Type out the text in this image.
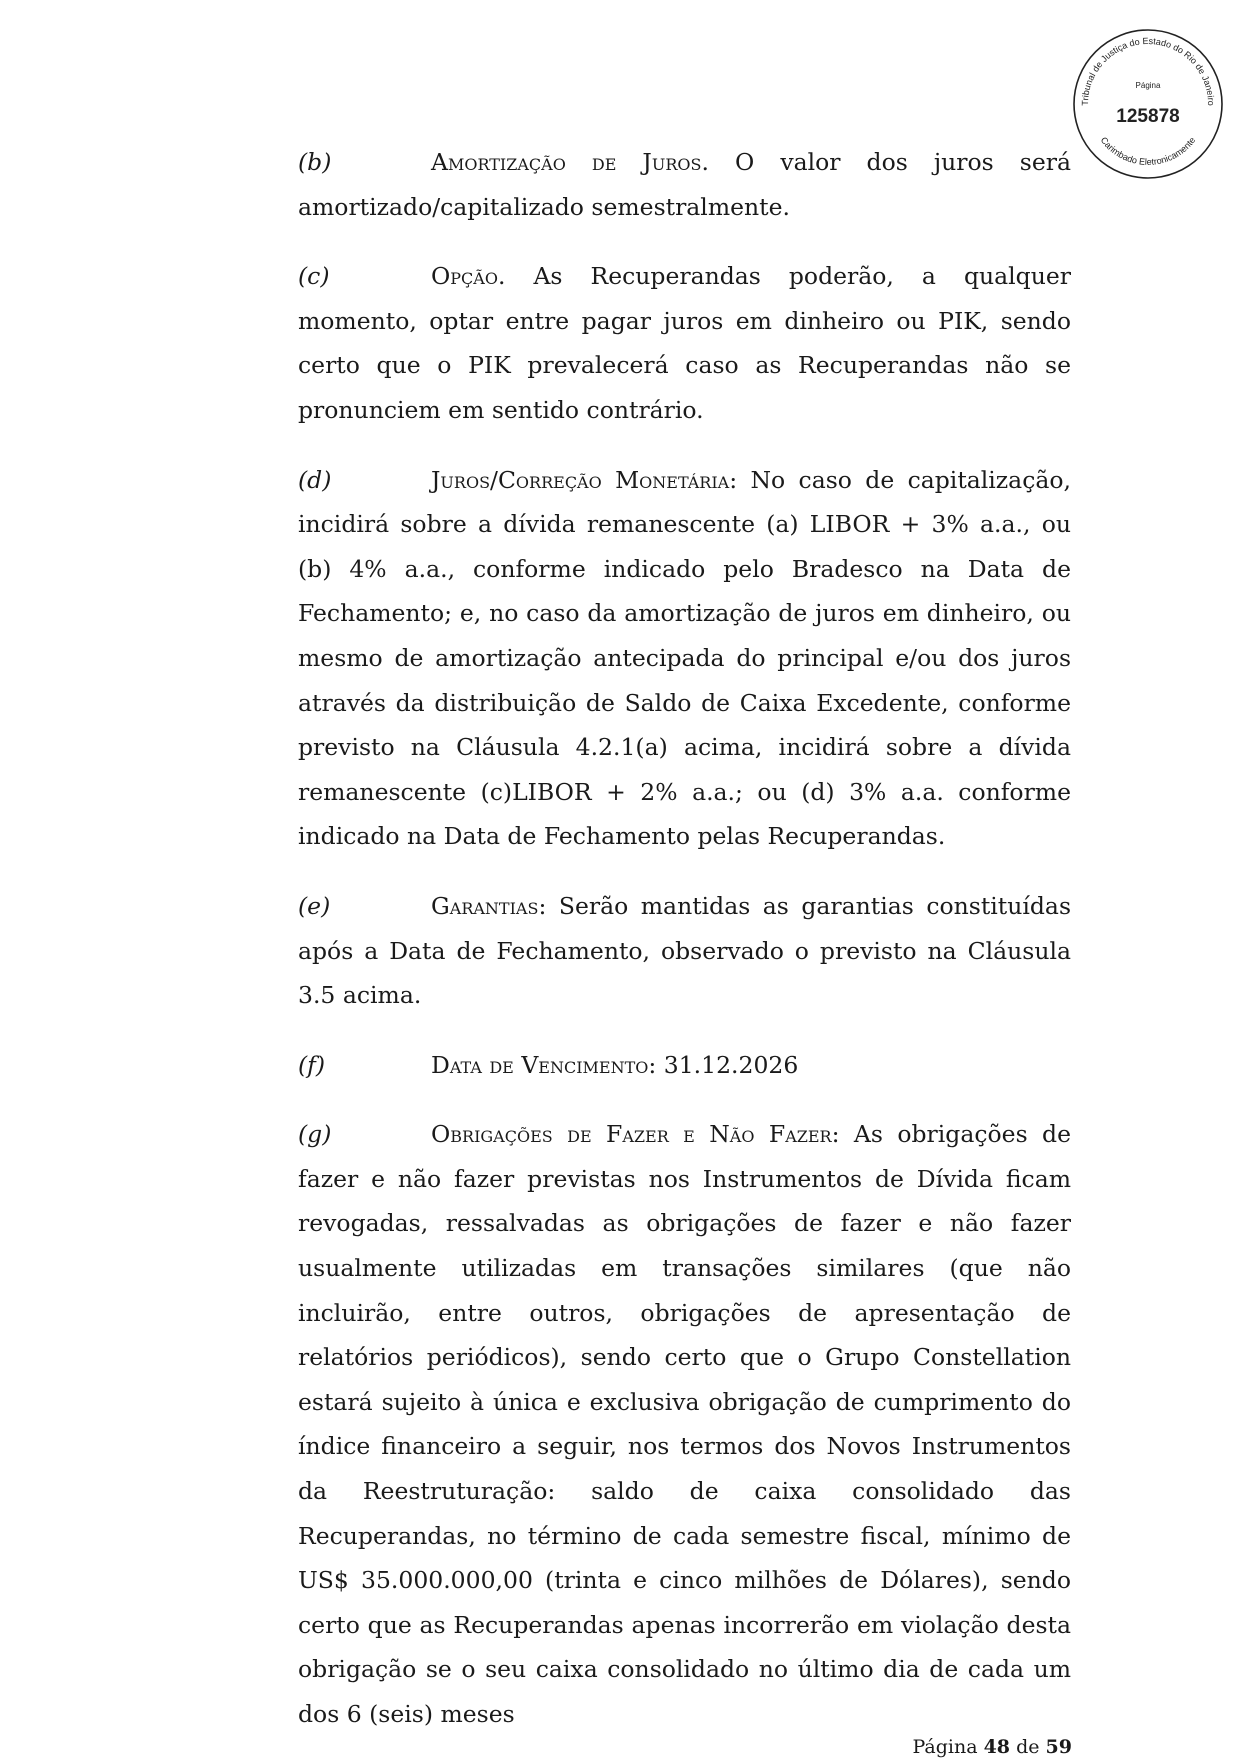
Tribunal de Justiça do Estado do Rio de Janeiro
Página
125878
Carimbado Eletronicamente

(b)	Amortização de Juros. O valor dos juros será amortizado/capitalizado semestralmente.

(c)	Opção. As Recuperandas poderão, a qualquer momento, optar entre pagar juros em dinheiro ou PIK, sendo certo que o PIK prevalecerá caso as Recuperandas não se pronunciem em sentido contrário.

(d)	Juros/Correção Monetária: No caso de capitalização, incidirá sobre a dívida remanescente (a) LIBOR + 3% a.a., ou (b) 4% a.a., conforme indicado pelo Bradesco na Data de Fechamento; e, no caso da amortização de juros em dinheiro, ou mesmo de amortização antecipada do principal e/ou dos juros através da distribuição de Saldo de Caixa Excedente, conforme previsto na Cláusula 4.2.1(a) acima, incidirá sobre a dívida remanescente (c)LIBOR + 2% a.a.; ou (d) 3% a.a. conforme indicado na Data de Fechamento pelas Recuperandas.

(e)	Garantias: Serão mantidas as garantias constituídas após a Data de Fechamento, observado o previsto na Cláusula 3.5 acima.

(f)	Data de Vencimento: 31.12.2026

(g)	Obrigações de Fazer e Não Fazer: As obrigações de fazer e não fazer previstas nos Instrumentos de Dívida ficam revogadas, ressalvadas as obrigações de fazer e não fazer usualmente utilizadas em transações similares (que não incluirão, entre outros, obrigações de apresentação de relatórios periódicos), sendo certo que o Grupo Constellation estará sujeito à única e exclusiva obrigação de cumprimento do índice financeiro a seguir, nos termos dos Novos Instrumentos da Reestruturação: saldo de caixa consolidado das Recuperandas, no término de cada semestre fiscal, mínimo de US$ 35.000.000,00 (trinta e cinco milhões de Dólares), sendo certo que as Recuperandas apenas incorrerão em violação desta obrigação se o seu caixa consolidado no último dia de cada um dos 6 (seis) meses

Página 48 de 59
